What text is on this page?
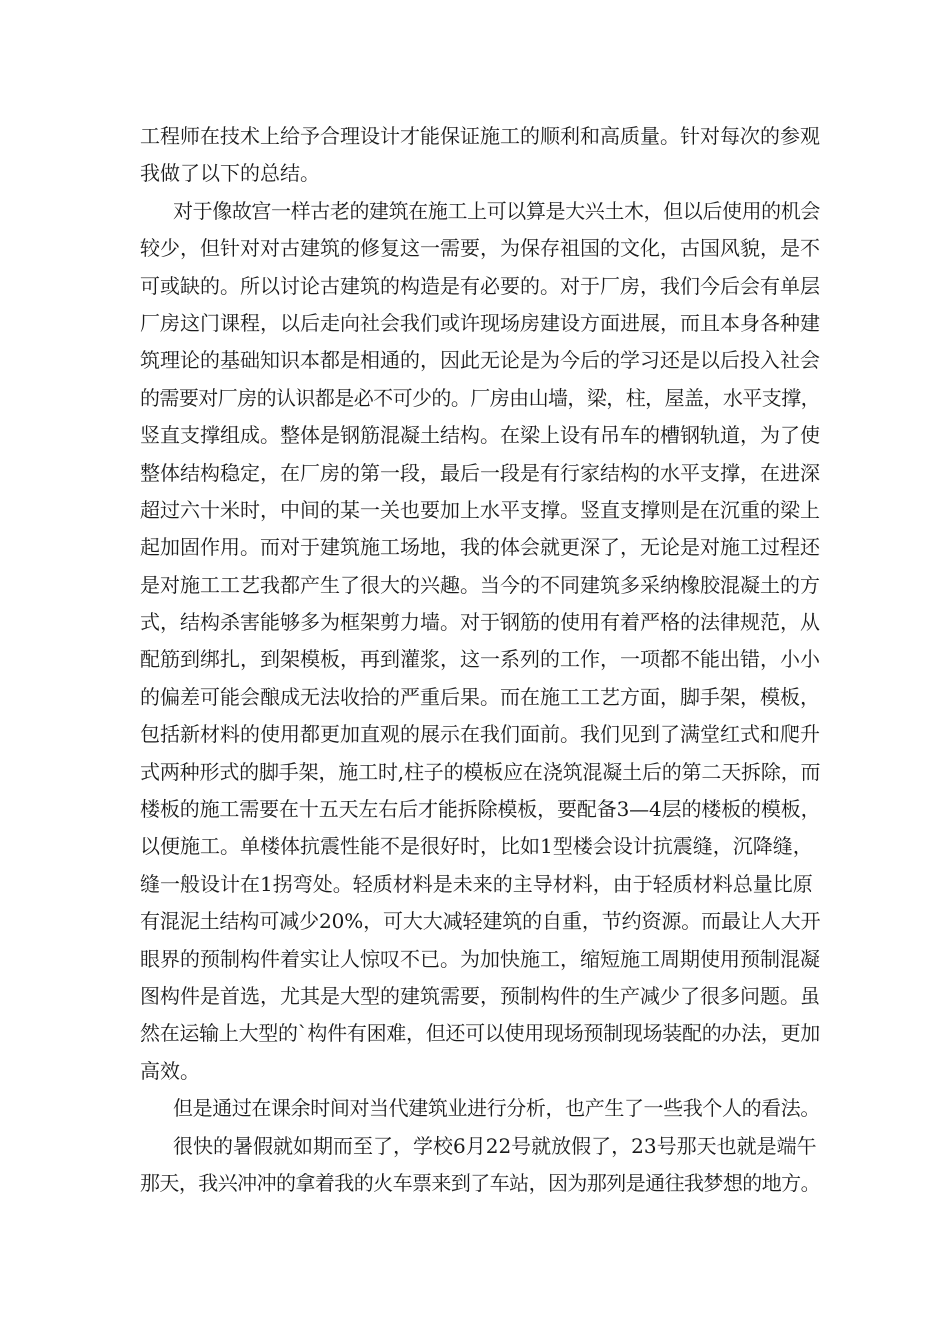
工程师在技术上给予合理设计才能保证施工的顺利和高质量。针对每次的参观
我做了以下的总结。
对于像故宫一样古老的建筑在施工上可以算是大兴土木，但以后使用的机会
较少，但针对对古建筑的修复这一需要，为保存祖国的文化，古国风貌，是不
可或缺的。所以讨论古建筑的构造是有必要的。对于厂房，我们今后会有单层
厂房这门课程，以后走向社会我们或许现场房建设方面进展，而且本身各种建
筑理论的基础知识本都是相通的，因此无论是为今后的学习还是以后投入社会
的需要对厂房的认识都是必不可少的。厂房由山墙，梁，柱，屋盖，水平支撑，
竖直支撑组成。整体是钢筋混凝土结构。在梁上设有吊车的槽钢轨道，为了使
整体结构稳定，在厂房的第一段，最后一段是有行家结构的水平支撑，在进深
超过六十米时，中间的某一关也要加上水平支撑。竖直支撑则是在沉重的梁上
起加固作用。而对于建筑施工场地，我的体会就更深了，无论是对施工过程还
是对施工工艺我都产生了很大的兴趣。当今的不同建筑多采纳橡胶混凝土的方
式，结构杀害能够多为框架剪力墙。对于钢筋的使用有着严格的法律规范，从
配筋到绑扎，到架模板，再到灌浆，这一系列的工作，一项都不能出错，小小
的偏差可能会酿成无法收拾的严重后果。而在施工工艺方面，脚手架，模板，
包括新材料的使用都更加直观的展示在我们面前。我们见到了满堂红式和爬升
式两种形式的脚手架，施工时,柱子的模板应在浇筑混凝土后的第二天拆除，而
楼板的施工需要在十五天左右后才能拆除模板，要配备3—4层的楼板的模板，
以便施工。单楼体抗震性能不是很好时，比如1型楼会设计抗震缝，沉降缝，
缝一般设计在1拐弯处。轻质材料是未来的主导材料，由于轻质材料总量比原
有混泥土结构可减少20%，可大大减轻建筑的自重，节约资源。而最让人大开
眼界的预制构件着实让人惊叹不已。为加快施工，缩短施工周期使用预制混凝
图构件是首选，尤其是大型的建筑需要，预制构件的生产减少了很多问题。虽
然在运输上大型的`构件有困难，但还可以使用现场预制现场装配的办法，更加
高效。
但是通过在课余时间对当代建筑业进行分析，也产生了一些我个人的看法。
很快的暑假就如期而至了，学校6月22号就放假了，23号那天也就是端午
那天，我兴冲冲的拿着我的火车票来到了车站，因为那列是通往我梦想的地方。
